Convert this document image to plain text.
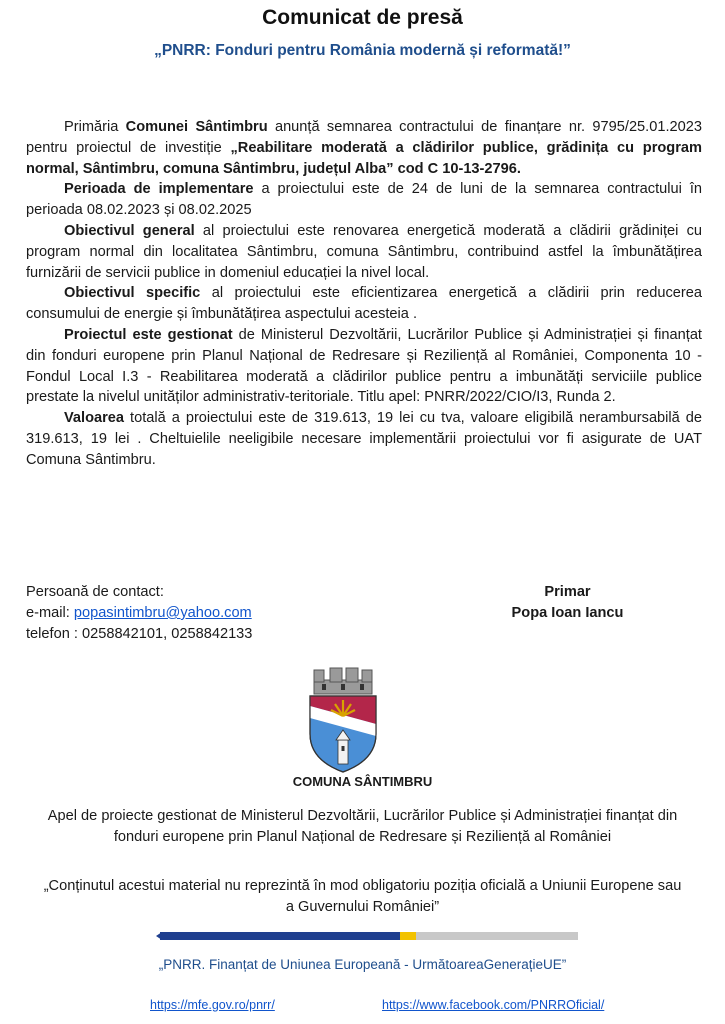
Comunicat de presă
„PNRR: Fonduri pentru România modernă și reformată!”

Primăria Comunei Sântimbru anunță semnarea contractului de finanțare nr. 9795/25.01.2023 pentru proiectul de investiție „Reabilitare moderată a clădirilor publice, grădinița cu program normal, Sântimbru, comuna Sântimbru, județul Alba” cod C 10-13-2796.

Perioada de implementare a proiectului este de 24 de luni de la semnarea contractului în perioada 08.02.2023 și 08.02.2025

Obiectivul general al proiectului este renovarea energetică moderată a clădirii grădiniței cu program normal din localitatea Sântimbru, comuna Sântimbru, contribuind astfel la îmbunătățirea furnizării de servicii publice in domeniul educației la nivel local.

Obiectivul specific al proiectului este eficientizarea energetică a clădirii prin reducerea consumului de energie și îmbunătățirea aspectului acesteia .

Proiectul este gestionat de Ministerul Dezvoltării, Lucrărilor Publice și Administrației și finanțat din fonduri europene prin Planul Național de Redresare și Reziliență al României, Componenta 10 - Fondul Local I.3 - Reabilitarea moderată a clădirilor publice pentru a imbunătăți serviciile publice prestate la nivelul unităților administrativ-teritoriale. Titlu apel: PNRR/2022/CIO/I3, Runda 2.

Valoarea totală a proiectului este de 319.613, 19 lei cu tva, valoare eligibilă nerambursabilă de 319.613, 19 lei . Cheltuielile neeligibile necesare implementării proiectului vor fi asigurate de UAT Comuna Sântimbru.

Persoană de contact:
e-mail: popasintimbru@yahoo.com
telefon : 0258842101, 0258842133
Primar
Popa Ioan Iancu
COMUNA SÂNTIMBRU
Apel de proiecte gestionat de Ministerul Dezvoltării, Lucrărilor Publice și Administrației finanțat din fonduri europene prin Planul Național de Redresare și Reziliență al României
„Conținutul acestui material nu reprezintă în mod obligatoriu poziția oficială a Uniunii Europene sau a Guvernului României”
„PNRR. Finanțat de Uniunea Europeană - UrmătoareaGenerațieUE”
https://mfe.gov.ro/pnrr/	https://www.facebook.com/PNRROficial/
